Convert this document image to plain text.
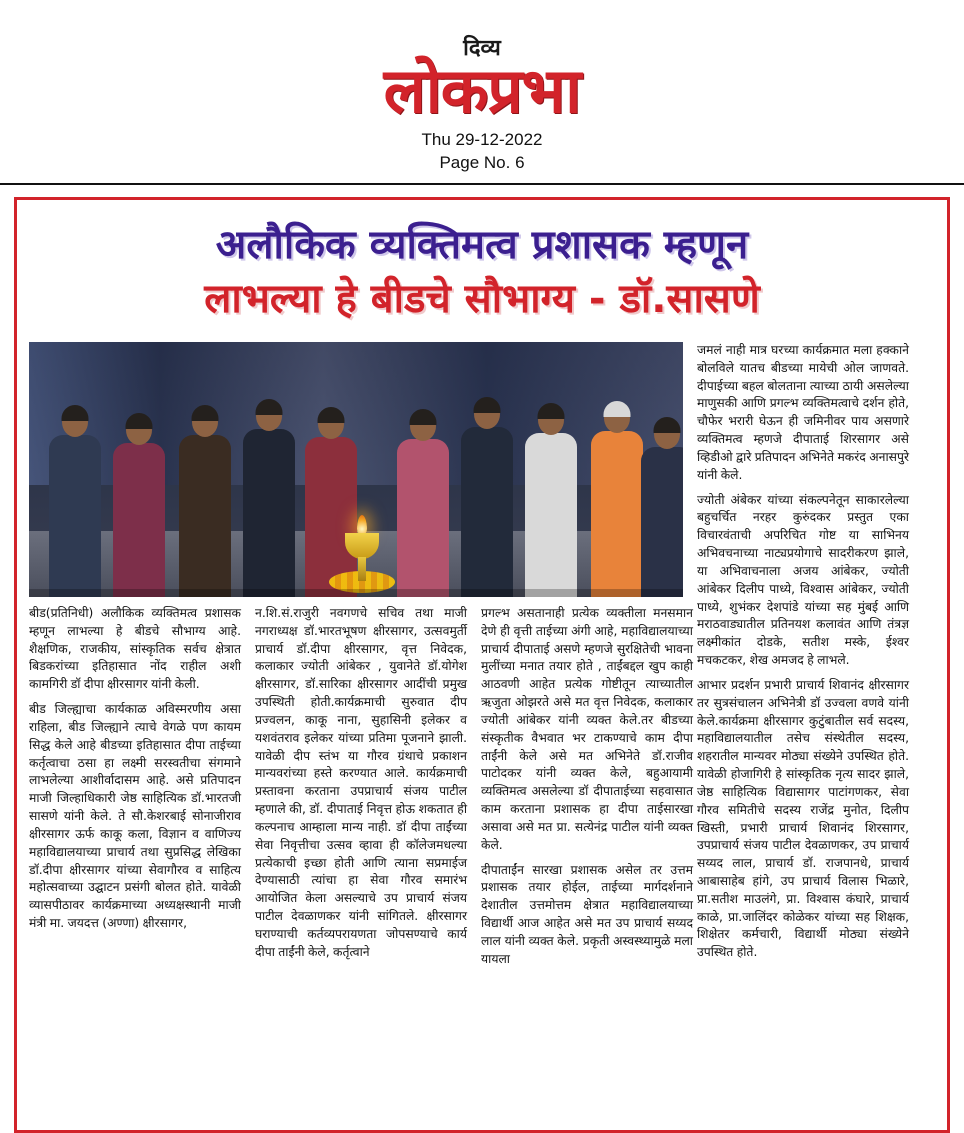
दिव्य
लोकप्रभा
Thu 29-12-2022
Page No. 6
अलौकिक व्यक्तिमत्व प्रशासक म्हणून
लाभल्या हे बीडचे सौभाग्य - डॉ.सासणे

बीड(प्रतिनिधी) अलौकिक व्यक्तिमत्व प्रशासक म्हणून लाभल्या हे बीडचे सौभाग्य आहे. शैक्षणिक, राजकीय, सांस्कृतिक सर्वच क्षेत्रात बिडकरांच्या इतिहासात नोंद राहील अशी कामगिरी डॉ दीपा क्षीरसागर यांनी केली.

बीड जिल्ह्याचा कार्यकाळ अविस्मरणीय असा राहिला, बीड जिल्ह्याने त्याचे वेगळे पण कायम सिद्ध केले आहे बीडच्या इतिहासात दीपा ताईच्या कर्तृत्वाचा ठसा हा लक्ष्मी सरस्वतीचा संगमाने लाभलेल्या आशीर्वादासम आहे. असे प्रतिपादन माजी जिल्हाधिकारी जेष्ठ साहित्यिक डॉ.भारतजी सासणे यांनी केले. ते सौ.केशरबाई सोनाजीराव क्षीरसागर ऊर्फ काकू कला, विज्ञान व वाणिज्य महाविद्यालयाच्या प्राचार्य तथा सुप्रसिद्ध लेखिका डॉ.दीपा क्षीरसागर यांच्या सेवागौरव व साहित्य महोत्सवाच्या उद्घाटन प्रसंगी बोलत होते. यावेळी व्यासपीठावर कार्यक्रमाच्या अध्यक्षस्थानी माजी मंत्री मा. जयदत्त (अण्णा) क्षीरसागर,

न.शि.सं.राजुरी नवगणचे सचिव तथा माजी नगराध्यक्ष डॉ.भारतभूषण क्षीरसागर, उत्सवमुर्ती प्राचार्य डॉ.दीपा क्षीरसागर, वृत्त निवेदक, कलाकार ज्योती आंबेकर , युवानेते डॉ.योगेश क्षीरसागर, डॉ.सारिका क्षीरसागर आदींची प्रमुख उपस्थिती होती.कार्यक्रमाची सुरुवात दीप प्रज्वलन, काकू नाना, सुहासिनी इलेकर व यशवंतराव इलेकर यांच्या प्रतिमा पूजनाने झाली. यावेळी दीप स्तंभ या गौरव ग्रंथाचे प्रकाशन मान्यवरांच्या हस्ते करण्यात आले. कार्यक्रमाची प्रस्तावना करताना उपप्राचार्य संजय पाटील म्हणाले की, डॉ. दीपाताई निवृत्त होऊ शकतात ही कल्पनाच आम्हाला मान्य नाही. डॉ दीपा ताईंच्या सेवा निवृत्तीचा उत्सव व्हावा ही कॉलेजमधल्या प्रत्येकाची इच्छा होती आणि त्याना सप्रमाईज देण्यासाठी त्यांचा हा सेवा गौरव समारंभ आयोजित केला असल्याचे उप प्राचार्य संजय पाटील देवळाणकर यांनी सांगितले. क्षीरसागर घराण्याची कर्तव्यपरायणता जोपसण्याचे कार्य दीपा ताईंनी केले, कर्तृत्वाने

प्रगल्भ असतानाही प्रत्येक व्यक्तीला मनसमान देणे ही वृत्ती ताईच्या अंगी आहे, महाविद्यालयाच्या प्राचार्य दीपाताई असणे म्हणजे सुरक्षितेची भावना मुलींच्या मनात तयार होते , ताईंबद्दल खुप काही आठवणी आहेत प्रत्येक गोष्टीतून त्याच्यातील ऋजुता ओझरते असे मत वृत्त निवेदक, कलाकार ज्योती आंबेकर यांनी व्यक्त केले.तर बीडच्या संस्कृतीक वैभवात भर टाकण्याचे काम दीपा ताईंनी केले असे मत अभिनेते डॉ.राजीव पाटोदकर यांनी व्यक्त केले, बहुआयामी व्यक्तिमत्व असलेल्या डॉ दीपाताईच्या सहवासात काम करताना प्रशासक हा दीपा ताईसारखा असावा असे मत प्रा. सत्येनंद्र पाटील यांनी व्यक्त केले.

दीपाताईंन सारखा प्रशासक असेल तर उत्तम प्रशासक तयार होईल, ताईच्या मार्गदर्शनाने देशातील उत्तमोत्तम क्षेत्रात महाविद्यालयाच्या विद्यार्थी आज आहेत असे मत उप प्राचार्य सय्यद लाल यांनी व्यक्त केले. प्रकृती अस्वस्थ्यामुळे मला यायला

जमलं नाही मात्र घरच्या कार्यक्रमात मला हक्काने बोलविले यातच बीडच्या मायेची ओल जाणवते. दीपाईच्या बहल बोलताना त्याच्या ठायी असलेल्या माणुसकी आणि प्रगल्भ व्यक्तिमत्वाचे दर्शन होते, चौफेर भरारी घेऊन ही जमिनीवर पाय असणारे व्यक्तिमत्व म्हणजे दीपाताई शिरसागर असे व्हिडीओ द्वारे प्रतिपादन अभिनेते मकरंद अनासपुरे यांनी केले.

ज्योती अंबेकर यांच्या संकल्पनेतून साकारलेल्या बहुचर्चित नरहर कुरुंदकर प्रस्तुत एका विचारवंताची अपरिचित गोष्ट या साभिनय अभिवचनाच्या नाट्यप्रयोगाचे सादरीकरण झाले, या अभिवाचनाला अजय आंबेकर, ज्योती आंबेकर दिलीप पाध्ये, विश्वास आंबेकर, ज्योती पाध्ये, शुभंकर देशपांडे यांच्या सह मुंबई आणि मराठवाड्यातील प्रतिनयश कलावंत आणि तंत्रज्ञ लक्ष्मीकांत दोडके, सतीश मस्के, ईश्वर मचकटकर, शेख अमजद हे लाभले.

आभार प्रदर्शन प्रभारी प्राचार्य शिवानंद क्षीरसागर तर सुत्रसंचालन अभिनेत्री डॉ उज्वला वणवे यांनी केले.कार्यक्रमा क्षीरसागर कुटुंबातील सर्व सदस्य, महाविद्यालयातील तसेच संस्थेतील सदस्य, शहरातील मान्यवर मोठ्या संख्येने उपस्थित होते. यावेळी होजागिरी हे सांस्कृतिक नृत्य सादर झाले, जेष्ठ साहित्यिक विद्यासागर पाटांगणकर, सेवा गौरव समितीचे सदस्य राजेंद्र मुनोत, दिलीप खिस्ती, प्रभारी प्राचार्य शिवानंद शिरसागर, उपप्राचार्य संजय पाटील देवळाणकर, उप प्राचार्य सय्यद लाल, प्राचार्य डॉ. राजपानधे, प्राचार्य आबासाहेब हांगे, उप प्राचार्य विलास भिळारे, प्रा.सतीश माउलंगे, प्रा. विश्वास कंघारे, प्राचार्य काळे, प्रा.जालिंदर कोळेकर यांच्या सह शिक्षक, शिक्षेतर कर्मचारी, विद्यार्थी मोठ्या संख्येने उपस्थित होते.
